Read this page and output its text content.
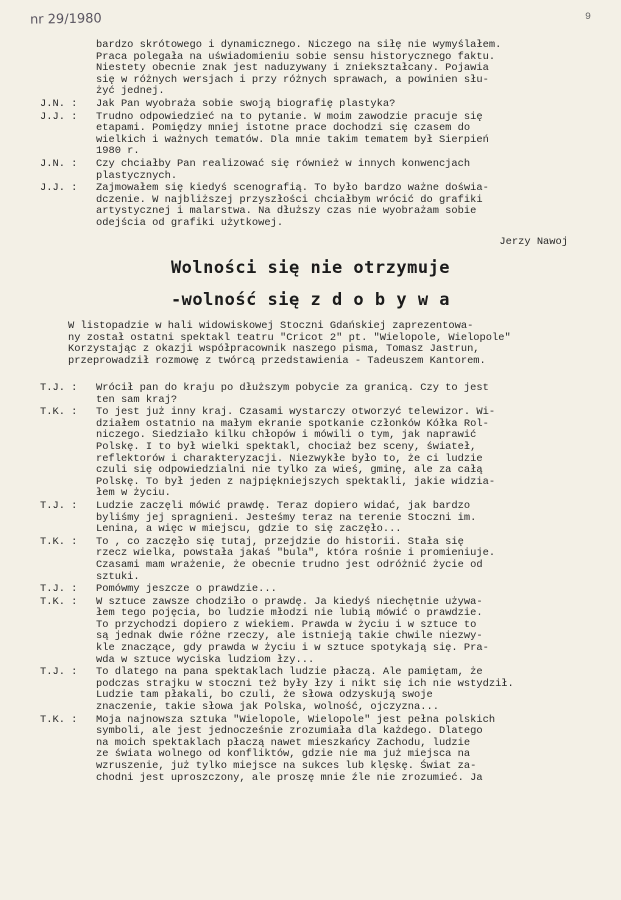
nr 29/1980	9
bardzo skrótowego i dynamicznego. Niczego na siłę nie wymyślałem.
Praca polegała na uświadomieniu sobie sensu historycznego faktu.
Niestety obecnie znak jest naduzywany i zniekształcany. Pojawia
się w różnych wersjach i przy różnych sprawach, a powinien słu-
żyć jednej.
J.N. :	Jak Pan wyobraża sobie swoją biografię plastyka?
J.J. :	Trudno odpowiedzieć na to pytanie. W moim zawodzie pracuje się
etapami. Pomiędzy mniej istotne prace dochodzi się czasem do
wielkich i ważnych tematów. Dla mnie takim tematem był Sierpień
1980 r.
J.N. :	Czy chciałby Pan realizować się również w innych konwencjach
plastycznych.
J.J. :	Zajmowałem się kiedyś scenografią. To było bardzo ważne doświa-
dczenie. W najbliższej przyszłości chciałbym wrócić do grafiki
artystycznej i malarstwa. Na dłuższy czas nie wyobrażam sobie
odejścia od grafiki użytkowej.
Jerzy Nawoj
Wolności się nie otrzymuje
-wolność się z d o b y w a
W listopadzie w hali widowiskowej Stoczni Gdańskiej zaprezentowa-
ny został ostatni spektakl teatru "Cricot 2" pt. "Wielopole, Wielopole"
Korzystając z okazji współpracownik naszego pisma, Tomasz Jastrun,
przeprowadził rozmowę z twórcą przedstawienia - Tadeuszem Kantorem.
T.J. :	Wrócił pan do kraju po dłuższym pobycie za granicą. Czy to jest
ten sam kraj?
T.K. :	To jest już inny kraj. Czasami wystarczy otworzyć telewizor. Wi-
działem ostatnio na małym ekranie spotkanie członków Kółka Rol-
niczego. Siedziało kilku chłopów i mówili o tym, jak naprawić
Polskę. I to był wielki spektakl, chociaż bez sceny, świateł,
reflektorów i charakteryzacji. Niezwykłe było to, że ci ludzie
czuli się odpowiedzialni nie tylko za wieś, gminę, ale za całą
Polskę. To był jeden z najpiękniejszych spektakli, jakie widzia-
łem w życiu.
T.J. :	Ludzie zaczęli mówić prawdę. Teraz dopiero widać, jak bardzo
byliśmy jej spragnieni. Jesteśmy teraz na terenie Stoczni im.
Lenina, a więc w miejscu, gdzie to się zaczęło...
T.K. :	To , co zaczęło się tutaj, przejdzie do historii. Stała się
rzecz wielka, powstała jakaś "bula", która rośnie i promieniuje.
Czasami mam wrażenie, że obecnie trudno jest odróżnić życie od
sztuki.
T.J. :	Pomówmy jeszcze o prawdzie...
T.K. :	W sztuce zawsze chodziło o prawdę. Ja kiedyś niechętnie używa-
łem tego pojęcia, bo ludzie młodzi nie lubią mówić o prawdzie.
To przychodzi dopiero z wiekiem. Prawda w życiu i w sztuce to
są jednak dwie różne rzeczy, ale istnieją takie chwile niezwy-
kle znaczące, gdy prawda w życiu i w sztuce spotykają się. Pra-
wda w sztuce wyciska ludziom łzy...
T.J. :	To dlatego na pana spektaklach ludzie płaczą. Ale pamiętam, że
podczas strajku w stoczni też były łzy i nikt się ich nie wstydził.
Ludzie tam płakali, bo czuli, że słowa odzyskują swoje
znaczenie, takie słowa jak Polska, wolność, ojczyzna...
T.K. :	Moja najnowsza sztuka "Wielopole, Wielopole" jest pełna polskich
symboli, ale jest jednocześnie zrozumiała dla każdego. Dlatego
na moich spektaklach płaczą nawet mieszkańcy Zachodu, ludzie
ze świata wolnego od konfliktów, gdzie nie ma już miejsca na
wzruszenie, już tylko miejsce na sukces lub klęskę. Świat za-
chodni jest uproszczony, ale proszę mnie źle nie zrozumieć. Ja
